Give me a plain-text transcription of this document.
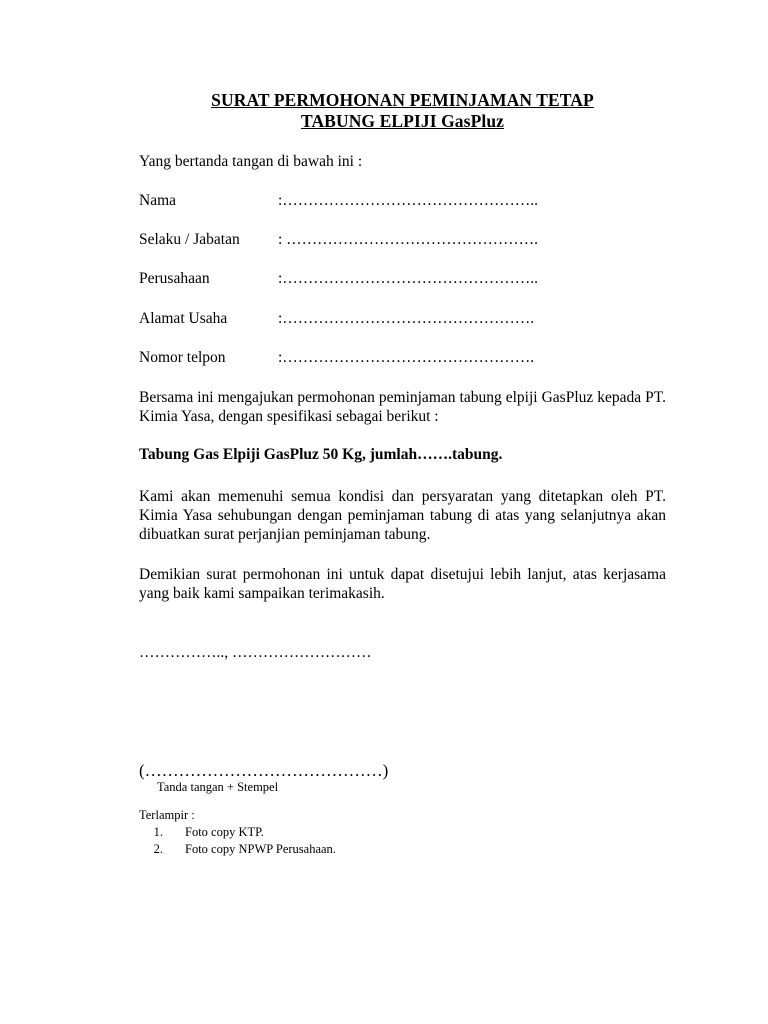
SURAT PERMOHONAN PEMINJAMAN TETAP
TABUNG ELPIJI GasPluz
Yang bertanda tangan di bawah ini :
Nama	:…………………………………………..
Selaku / Jabatan : ………………………………………….
Perusahaan	:…………………………………………..
Alamat Usaha	:………………………………………….
Nomor telpon	:………………………………………….
Bersama ini mengajukan permohonan peminjaman tabung elpiji GasPluz kepada PT. Kimia Yasa, dengan spesifikasi sebagai berikut :
Tabung Gas Elpiji GasPluz 50 Kg, jumlah…….tabung.
Kami akan memenuhi semua kondisi dan persyaratan yang ditetapkan oleh PT. Kimia Yasa sehubungan dengan peminjaman tabung di atas yang selanjutnya akan dibuatkan surat perjanjian peminjaman tabung.
Demikian surat permohonan ini untuk dapat disetujui lebih lanjut, atas kerjasama yang baik kami sampaikan terimakasih.
…………….., ………………………
(……………………………………)
Tanda tangan + Stempel
Terlampir :
1. Foto copy KTP.
2. Foto copy NPWP Perusahaan.
